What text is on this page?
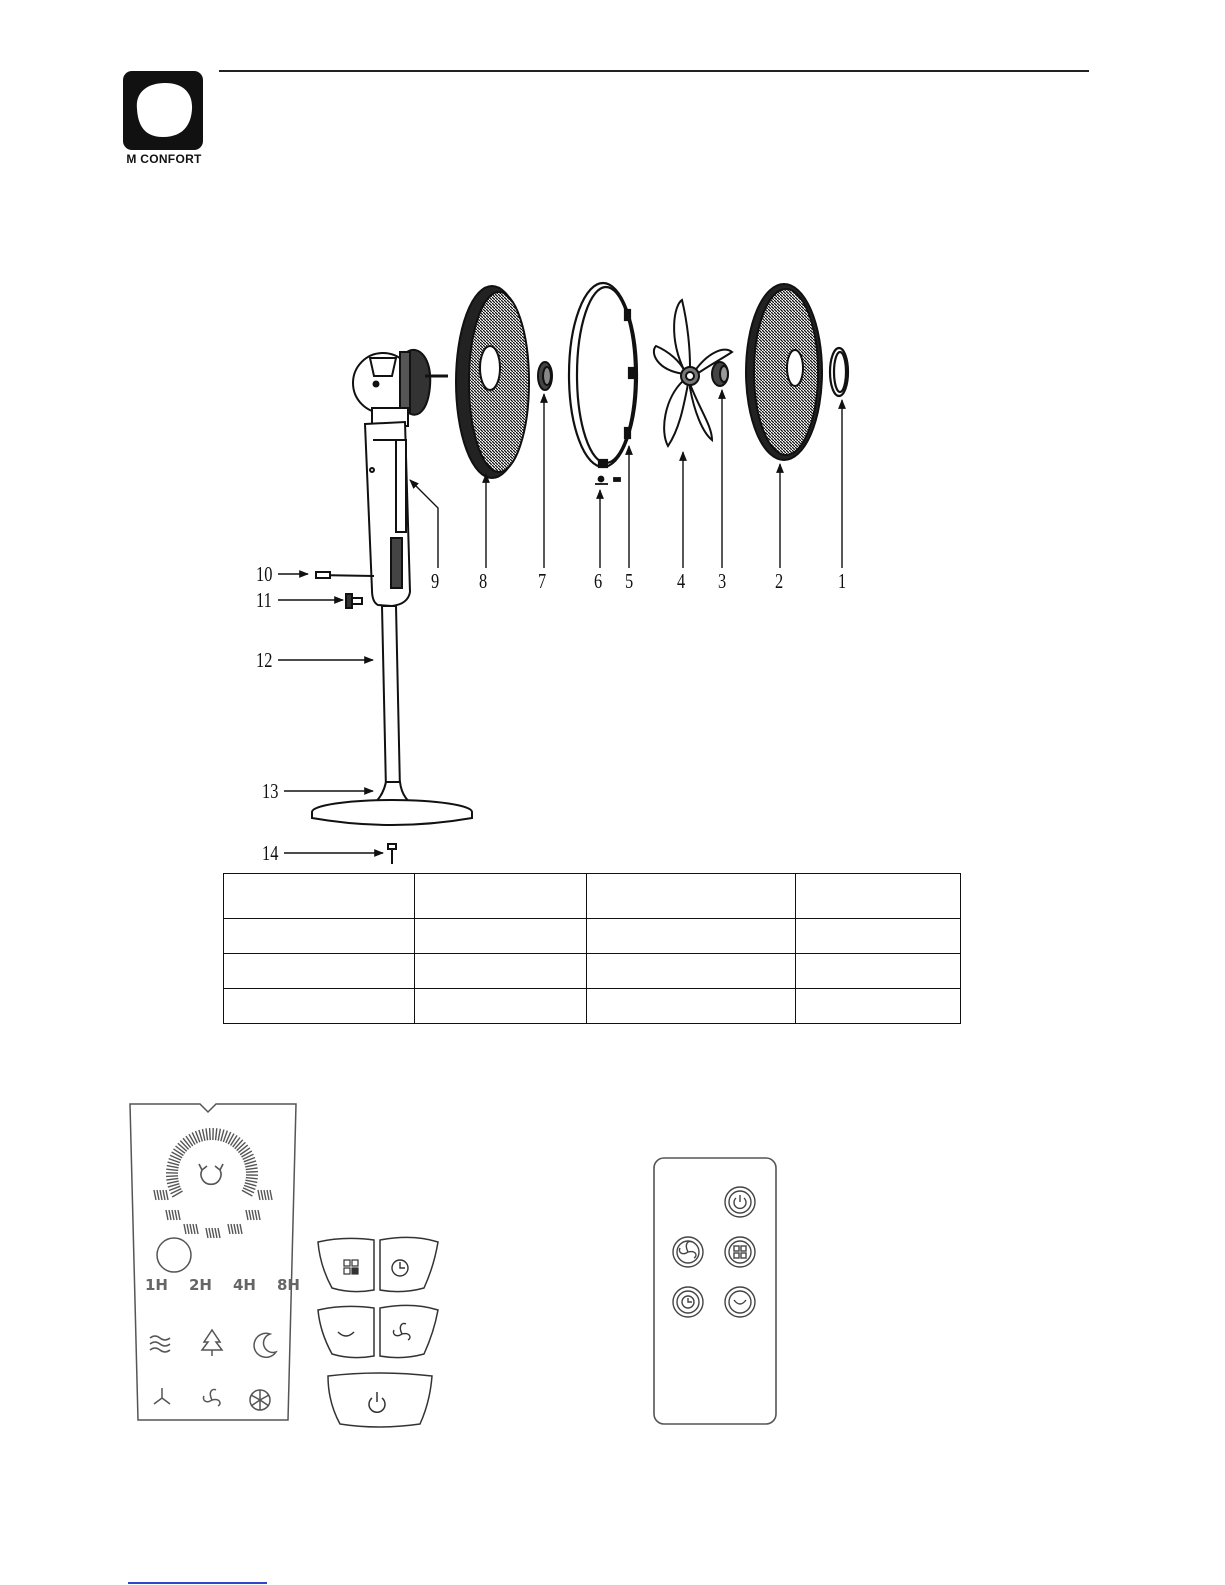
M CONFORT
1
2
3
4
5
6
7
8
9
10
11
12
13
14

1H 2H 4H 8H
